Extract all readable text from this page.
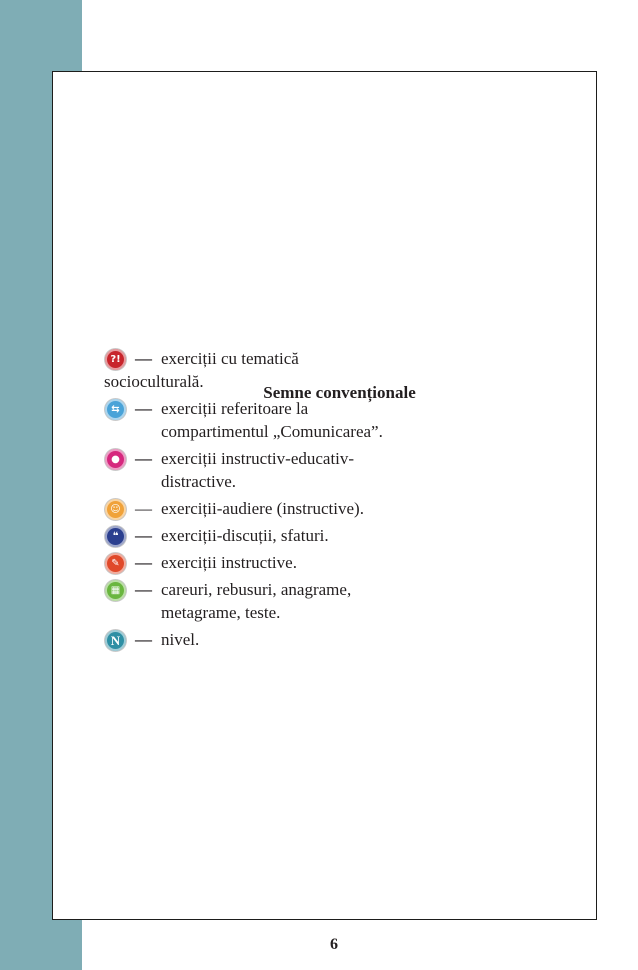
Semne convenționale
?! — exerciții cu tematică
socioculturală.
⇆ — exerciții referitoare la
compartimentul „Comunicarea”.
● — exerciții instructiv-educativ-
distractive.
☺ — exerciții-audiere (instructive).
❝ — exerciții-discuții, sfaturi.
✎ — exerciții instructive.
▦ — careuri, rebusuri, anagrame,
metagrame, teste.
N — nivel.
6
